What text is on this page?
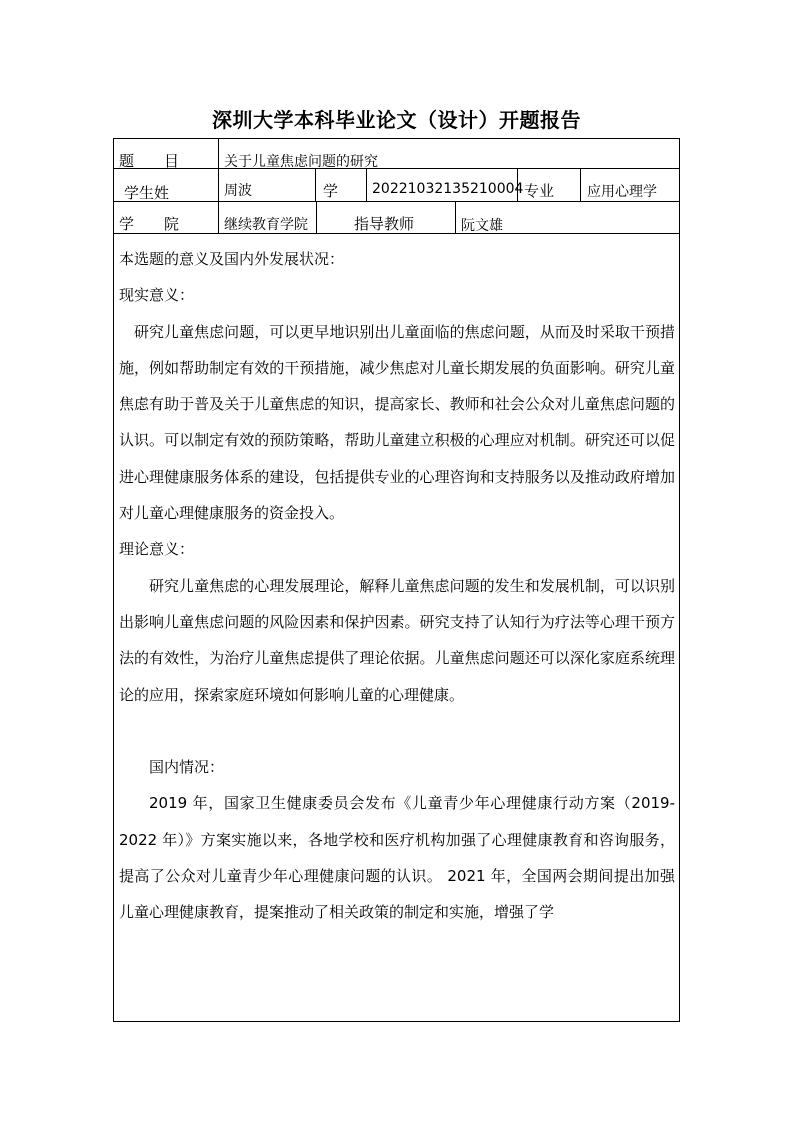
深圳大学本科毕业论文（设计）开题报告
题　　目	关于儿童焦虑问题的研究
学生姓	周波	学 20221032135210004 专业 应用心理学
学　　院	继续教育学院	指导教师	阮文雄

本选题的意义及国内外发展状况：

现实意义：

研究儿童焦虑问题，可以更早地识别出儿童面临的焦虑问题，从而及时采取干预措施，例如帮助制定有效的干预措施，减少焦虑对儿童长期发展的负面影响。研究儿童焦虑有助于普及关于儿童焦虑的知识，提高家长、教师和社会公众对儿童焦虑问题的认识。可以制定有效的预防策略，帮助儿童建立积极的心理应对机制。研究还可以促进心理健康服务体系的建设，包括提供专业的心理咨询和支持服务以及推动政府增加对儿童心理健康服务的资金投入。

理论意义：

研究儿童焦虑的心理发展理论，解释儿童焦虑问题的发生和发展机制，可以识别出影响儿童焦虑问题的风险因素和保护因素。研究支持了认知行为疗法等心理干预方法的有效性，为治疗儿童焦虑提供了理论依据。儿童焦虑问题还可以深化家庭系统理论的应用，探索家庭环境如何影响儿童的心理健康。

国内情况：

2019 年，国家卫生健康委员会发布《儿童青少年心理健康行动方案（2019-2022 年）》方案实施以来，各地学校和医疗机构加强了心理健康教育和咨询服务，提高了公众对儿童青少年心理健康问题的认识。 2021 年，全国两会期间提出加强儿童心理健康教育，提案推动了相关政策的制定和实施，增强了学
